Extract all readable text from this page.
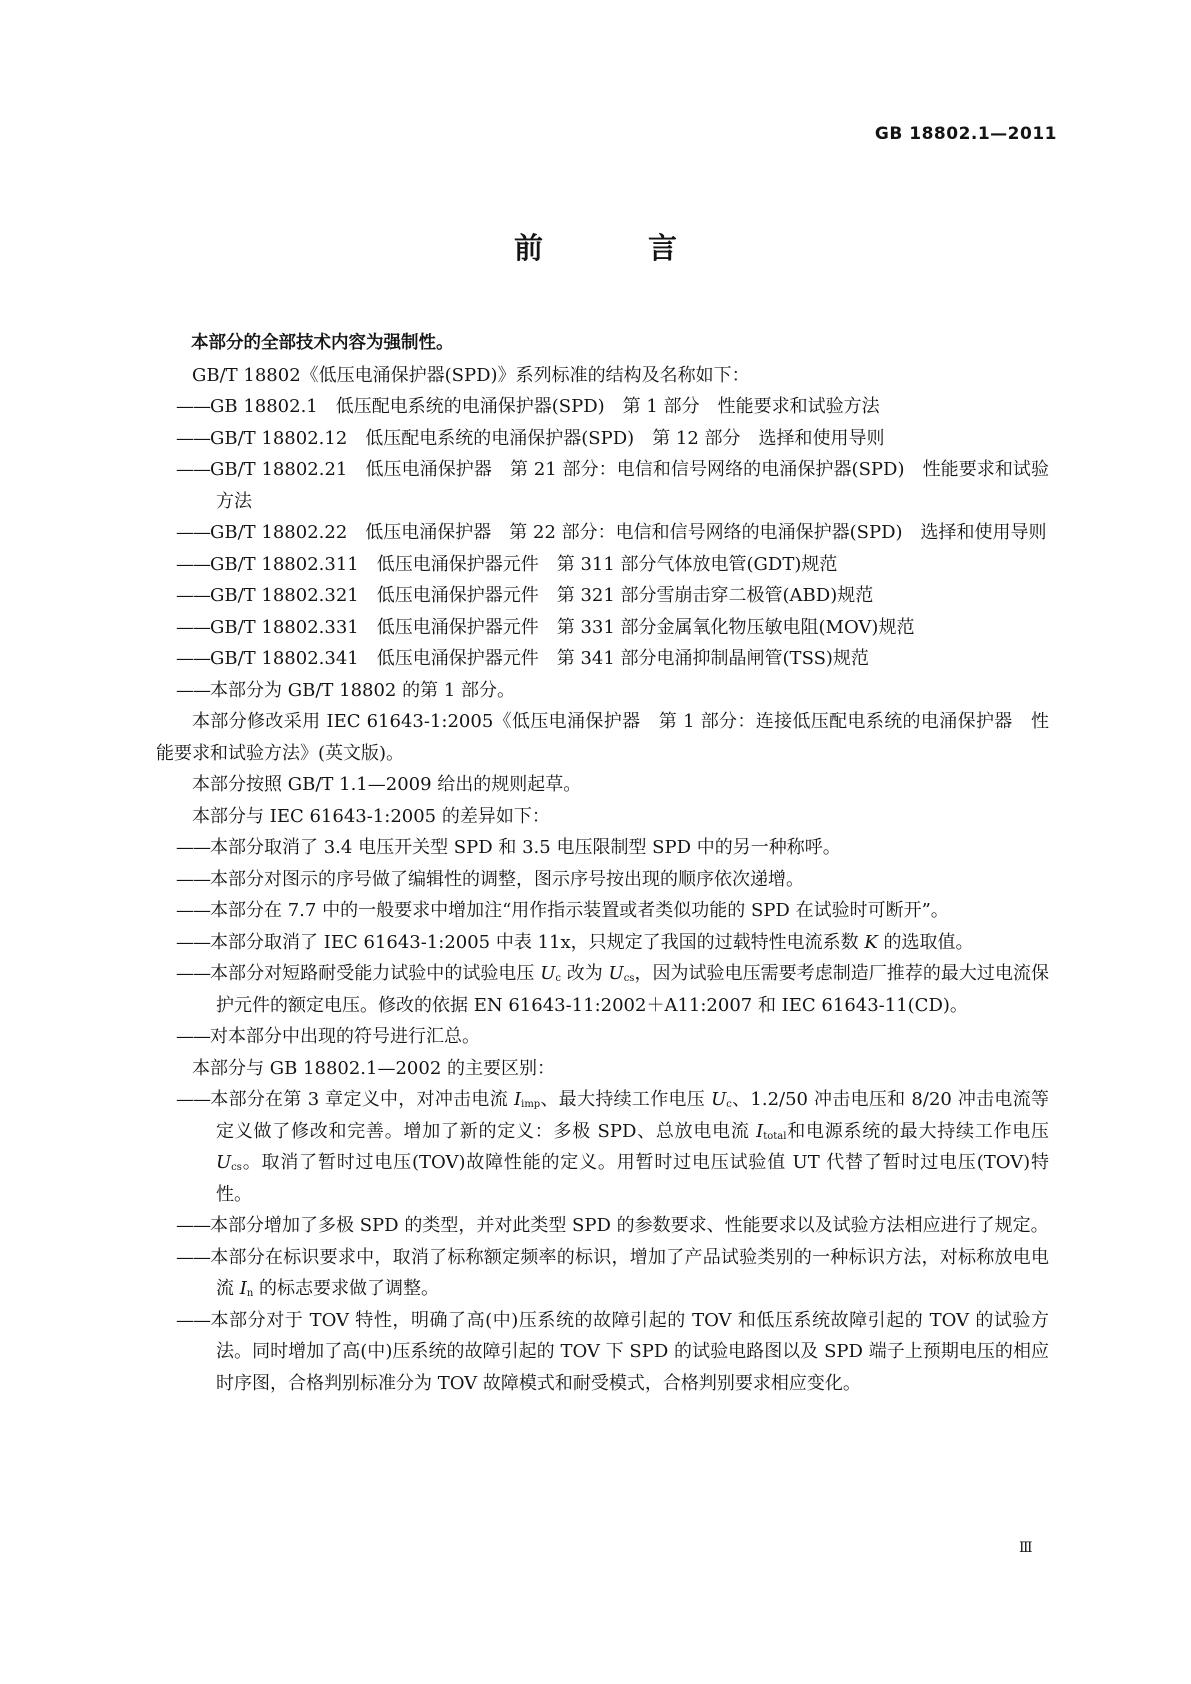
GB 18802.1—2011
前　言

本部分的全部技术内容为强制性。

GB/T 18802《低压电涌保护器(SPD)》系列标准的结构及名称如下：

——GB 18802.1　低压配电系统的电涌保护器(SPD)　第 1 部分　性能要求和试验方法

——GB/T 18802.12　低压配电系统的电涌保护器(SPD)　第 12 部分　选择和使用导则

——GB/T 18802.21　低压电涌保护器　第 21 部分：电信和信号网络的电涌保护器(SPD)　性能要求和试验方法

——GB/T 18802.22　低压电涌保护器　第 22 部分：电信和信号网络的电涌保护器(SPD)　选择和使用导则

——GB/T 18802.311　低压电涌保护器元件　第 311 部分气体放电管(GDT)规范

——GB/T 18802.321　低压电涌保护器元件　第 321 部分雪崩击穿二极管(ABD)规范

——GB/T 18802.331　低压电涌保护器元件　第 331 部分金属氧化物压敏电阻(MOV)规范

——GB/T 18802.341　低压电涌保护器元件　第 341 部分电涌抑制晶闸管(TSS)规范

——本部分为 GB/T 18802 的第 1 部分。

本部分修改采用 IEC 61643-1:2005《低压电涌保护器　第 1 部分：连接低压配电系统的电涌保护器　性能要求和试验方法》(英文版)。

本部分按照 GB/T 1.1—2009 给出的规则起草。

本部分与 IEC 61643-1:2005 的差异如下：

——本部分取消了 3.4 电压开关型 SPD 和 3.5 电压限制型 SPD 中的另一种称呼。

——本部分对图示的序号做了编辑性的调整，图示序号按出现的顺序依次递增。

——本部分在 7.7 中的一般要求中增加注“用作指示装置或者类似功能的 SPD 在试验时可断开”。

——本部分取消了 IEC 61643-1:2005 中表 11x，只规定了我国的过载特性电流系数 K 的选取值。

——本部分对短路耐受能力试验中的试验电压 $U_c$ 改为 $U_{cs}$，因为试验电压需要考虑制造厂推荐的最大过电流保护元件的额定电压。修改的依据 EN 61643-11:2002＋A11:2007 和 IEC 61643-11(CD)。

——对本部分中出现的符号进行汇总。

本部分与 GB 18802.1—2002 的主要区别：

——本部分在第 3 章定义中，对冲击电流 $I_{imp}$、最大持续工作电压 $U_c$、1.2/50 冲击电压和 8/20 冲击电流等定义做了修改和完善。增加了新的定义：多极 SPD、总放电电流 $I_{total}$和电源系统的最大持续工作电压 $U_{cs}$。取消了暂时过电压(TOV)故障性能的定义。用暂时过电压试验值 UT 代替了暂时过电压(TOV)特性。

——本部分增加了多极 SPD 的类型，并对此类型 SPD 的参数要求、性能要求以及试验方法相应进行了规定。

——本部分在标识要求中，取消了标称额定频率的标识，增加了产品试验类别的一种标识方法，对标称放电电流 $I_n$ 的标志要求做了调整。

——本部分对于 TOV 特性，明确了高(中)压系统的故障引起的 TOV 和低压系统故障引起的 TOV 的试验方法。同时增加了高(中)压系统的故障引起的 TOV 下 SPD 的试验电路图以及 SPD 端子上预期电压的相应时序图，合格判别标准分为 TOV 故障模式和耐受模式，合格判别要求相应变化。

Ⅲ
